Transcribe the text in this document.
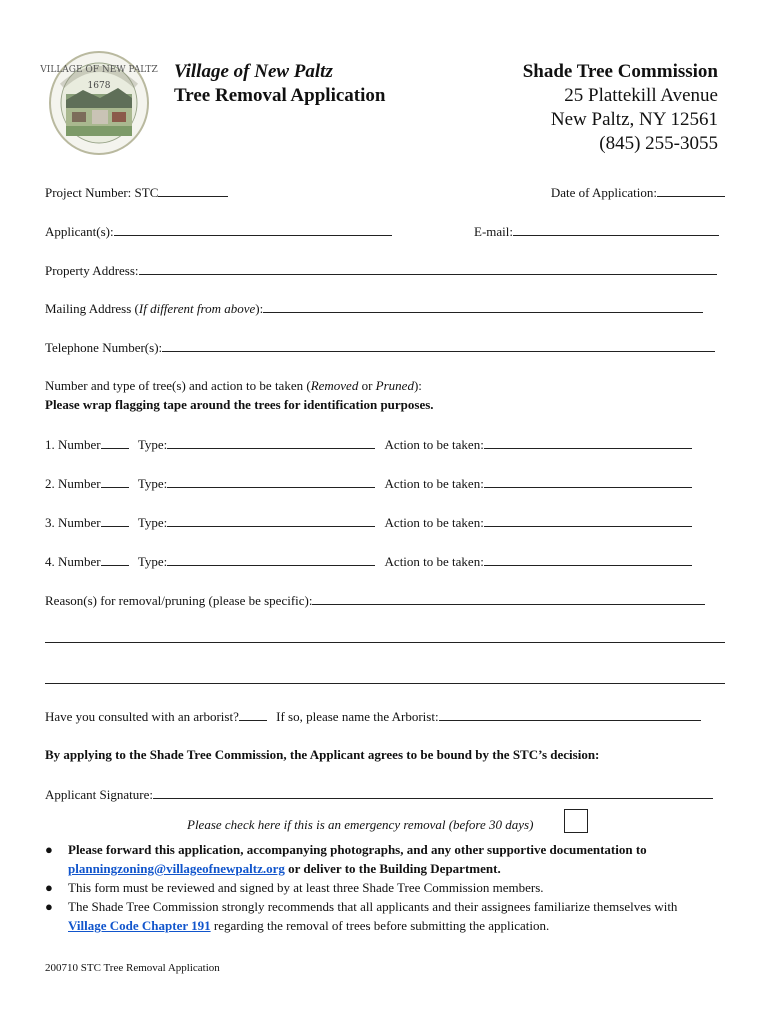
VILLAGE OF NEW PALTZ
1678
Village of New Paltz
Tree Removal Application
Shade Tree Commission
25 Plattekill Avenue
New Paltz, NY 12561
(845) 255-3055
Project Number: STC	Date of Application:
Applicant(s):	E-mail:
Property Address:
Mailing Address (If different from above):
Telephone Number(s):
Number and type of tree(s) and action to be taken (Removed or Pruned):
Please wrap flagging tape around the trees for identification purposes.
1. Number	Type:	Action to be taken:
2. Number	Type:	Action to be taken:
3. Number	Type:	Action to be taken:
4. Number	Type:	Action to be taken:
Reason(s) for removal/pruning (please be specific):
Have you consulted with an arborist?	If so, please name the Arborist:
By applying to the Shade Tree Commission, the Applicant agrees to be bound by the STC’s decision:
Applicant Signature:
Please check here if this is an emergency removal (before 30 days)
● Please forward this application, accompanying photographs, and any other supportive documentation to
planningzoning@villageofnewpaltz.org or deliver to the Building Department.
● This form must be reviewed and signed by at least three Shade Tree Commission members.
● The Shade Tree Commission strongly recommends that all applicants and their assignees familiarize themselves with
Village Code Chapter 191 regarding the removal of trees before submitting the application.
200710 STC Tree Removal Application
